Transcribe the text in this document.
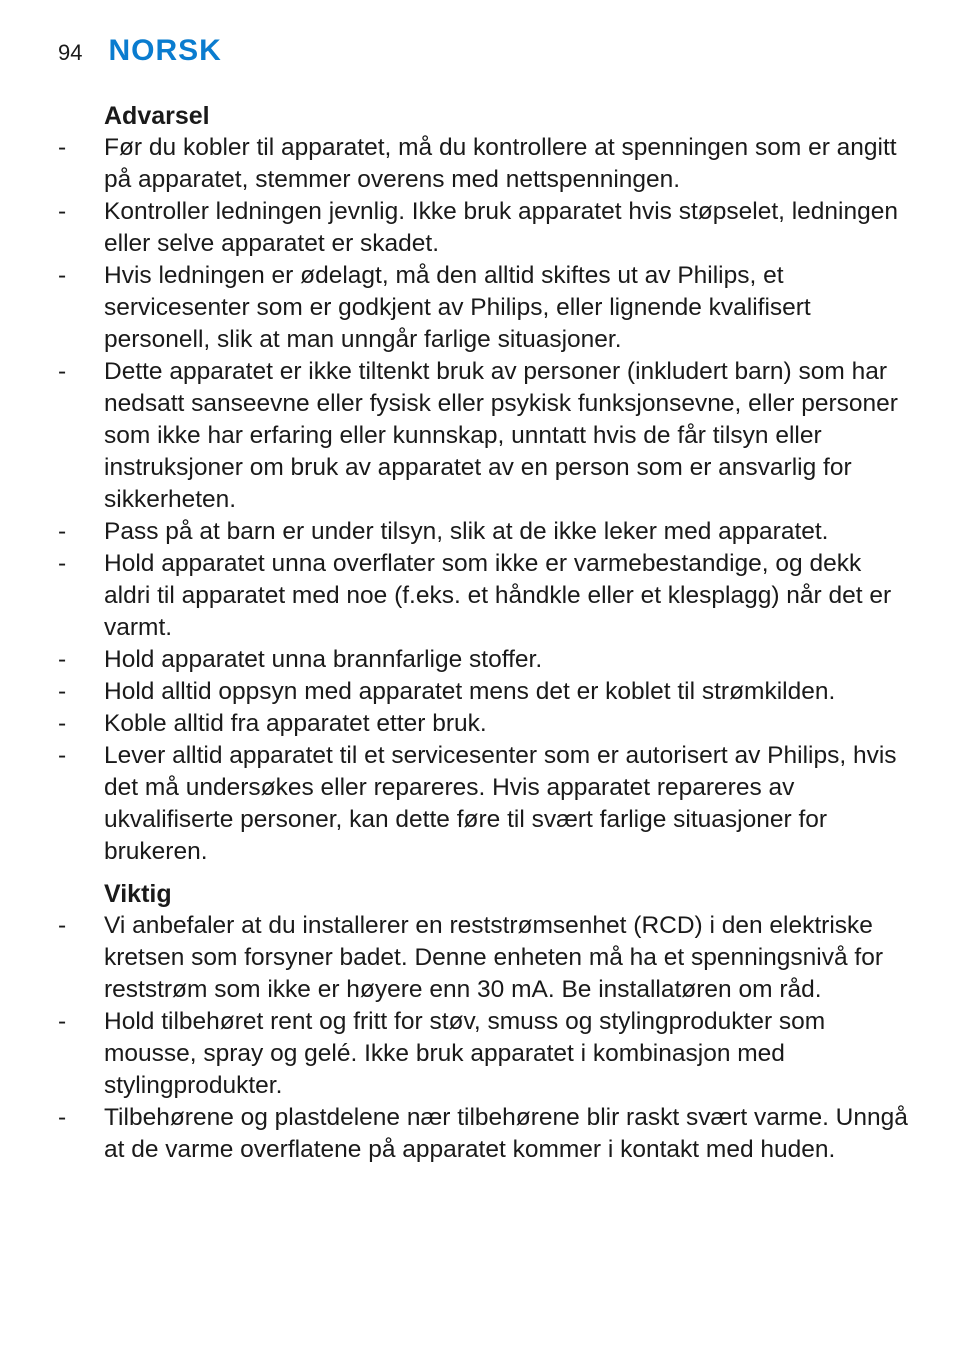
94 NORSK
Advarsel
-	Før du kobler til apparatet, må du kontrollere at spenningen som er angitt på apparatet, stemmer overens med nettspenningen.
-	Kontroller ledningen jevnlig. Ikke bruk apparatet hvis støpselet, ledningen eller selve apparatet er skadet.
-	Hvis ledningen er ødelagt, må den alltid skiftes ut av Philips, et servicesenter som er godkjent av Philips, eller lignende kvalifisert personell, slik at man unngår farlige situasjoner.
-	Dette apparatet er ikke tiltenkt bruk av personer (inkludert barn) som har nedsatt sanseevne eller fysisk eller psykisk funksjonsevne, eller personer som ikke har erfaring eller kunnskap, unntatt hvis de får tilsyn eller instruksjoner om bruk av apparatet av en person som er ansvarlig for sikkerheten.
-	Pass på at barn er under tilsyn, slik at de ikke leker med apparatet.
-	Hold apparatet unna overflater som ikke er varmebestandige, og dekk aldri til apparatet med noe (f.eks. et håndkle eller et klesplagg) når det er varmt.
-	Hold apparatet unna brannfarlige stoffer.
-	Hold alltid oppsyn med apparatet mens det er koblet til strømkilden.
-	Koble alltid fra apparatet etter bruk.
-	Lever alltid apparatet til et servicesenter som er autorisert av Philips, hvis det må undersøkes eller repareres. Hvis apparatet repareres av ukvalifiserte personer, kan dette føre til svært farlige situasjoner for brukeren.
Viktig
-	Vi anbefaler at du installerer en reststrømsenhet (RCD) i den elektriske kretsen som forsyner badet. Denne enheten må ha et spenningsnivå for reststrøm som ikke er høyere enn 30 mA. Be installatøren om råd.
-	Hold tilbehøret rent og fritt for støv, smuss og stylingprodukter som mousse, spray og gelé. Ikke bruk apparatet i kombinasjon med stylingprodukter.
-	Tilbehørene og plastdelene nær tilbehørene blir raskt svært varme. Unngå at de varme overflatene på apparatet kommer i kontakt med huden.
